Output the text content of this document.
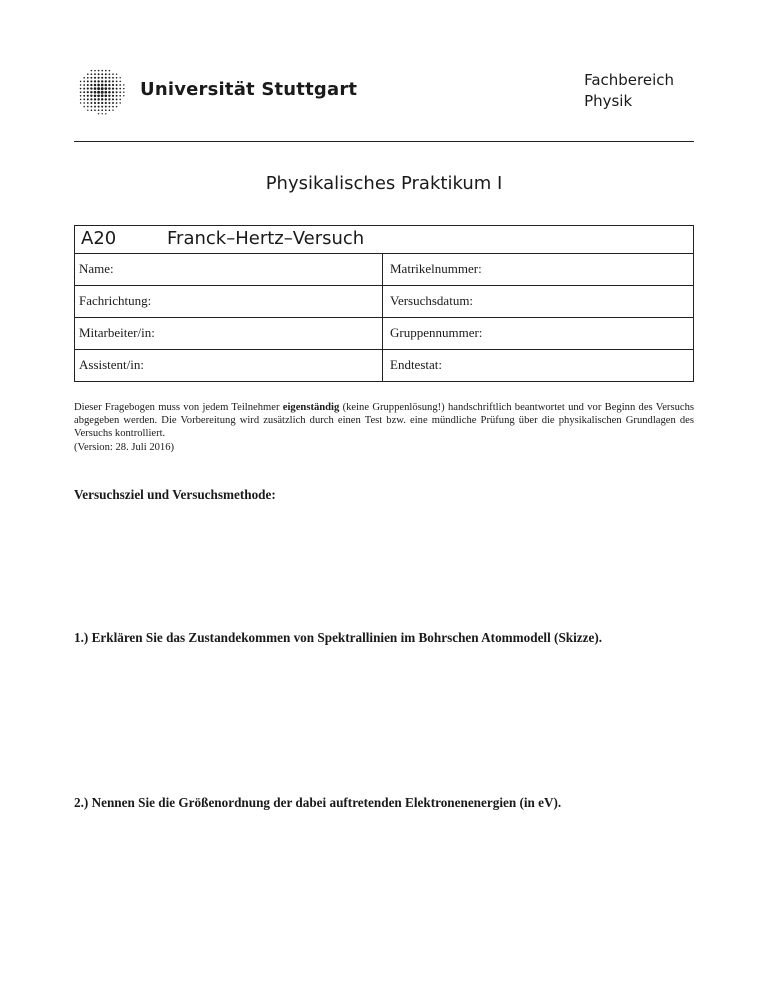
Universität Stuttgart	Fachbereich
Physik
Physikalisches Praktikum I
A20	Franck–Hertz–Versuch
Name:	Matrikelnummer:
Fachrichtung:	Versuchsdatum:
Mitarbeiter/in:	Gruppennummer:
Assistent/in:	Endtestat:

Dieser Fragebogen muss von jedem Teilnehmer eigenständig (keine Gruppenlösung!) handschriftlich beantwortet und vor Beginn des Versuchs abgegeben werden. Die Vorbereitung wird zusätzlich durch einen Test bzw. eine mündliche Prüfung über die physikalischen Grundlagen des Versuchs kontrolliert.
(Version: 28. Juli 2016)

Versuchsziel und Versuchsmethode:
1.) Erklären Sie das Zustandekommen von Spektrallinien im Bohrschen Atommodell (Skizze).
2.) Nennen Sie die Größenordnung der dabei auftretenden Elektronenenergien (in eV).
